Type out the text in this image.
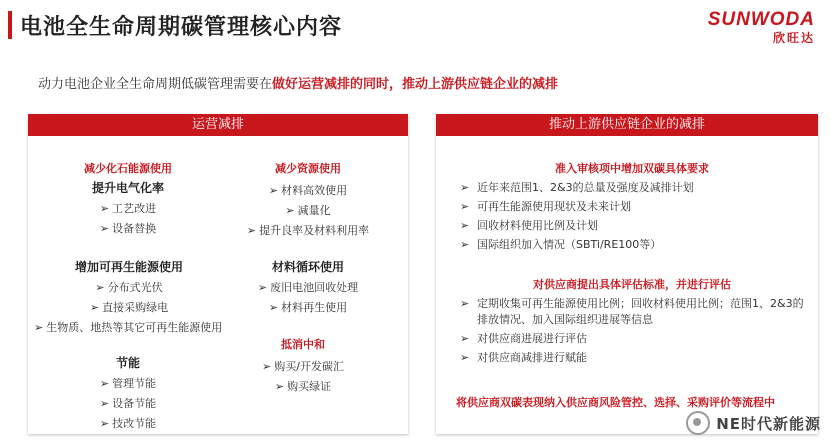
电池全生命周期碳管理核心内容	SUNWODA
欣旺达
动力电池企业全生命周期低碳管理需要在做好运营减排的同时，推动上游供应链企业的减排
运营减排
减少化石能源使用
提升电气化率
➢ 工艺改进
➢ 设备替换
减少资源使用
➢ 材料高效使用
➢ 减量化
➢ 提升良率及材料利用率
增加可再生能源使用
➢ 分布式光伏
➢ 直接采购绿电
➢ 生物质、地热等其它可再生能源使用
材料循环使用
➢ 废旧电池回收处理
➢ 材料再生使用
节能
➢ 管理节能
➢ 设备节能
➢ 技改节能
抵消中和
➢ 购买/开发碳汇
➢ 购买绿证
推动上游供应链企业的减排
准入审核项中增加双碳具体要求
➢ 近年来范围1、2&3的总量及强度及减排计划
➢ 可再生能源使用现状及未来计划
➢ 回收材料使用比例及计划
➢ 国际组织加入情况（SBTi/RE100等）
对供应商提出具体评估标准，并进行评估
➢ 定期收集可再生能源使用比例；回收材料使用比例；范围1、2&3的排放情况、加入国际组织进展等信息
➢ 对供应商进展进行评估
➢ 对供应商减排进行赋能
将供应商双碳表现纳入供应商风险管控、选择、采购评价等流程中
NE时代新能源
